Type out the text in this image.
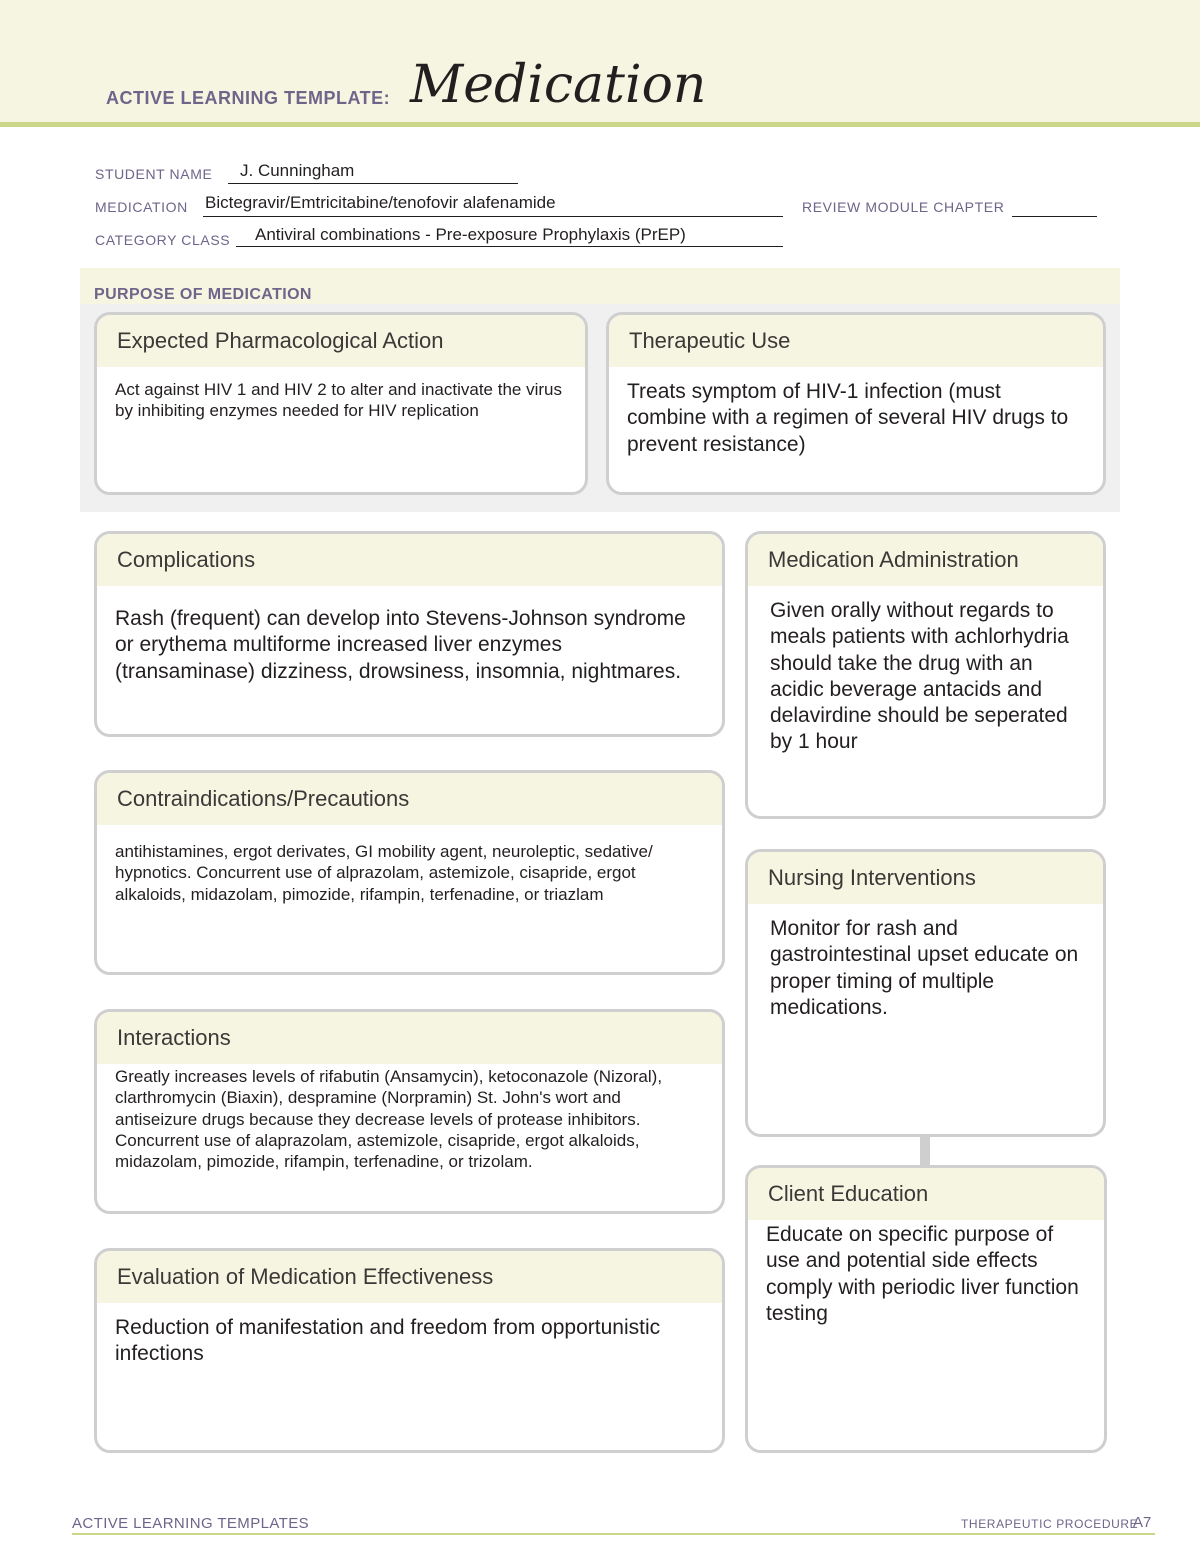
ACTIVE LEARNING TEMPLATE: Medication
STUDENT NAME J. Cunningham
MEDICATION Bictegravir/Emtricitabine/tenofovir alafenamide	REVIEW MODULE CHAPTER
CATEGORY CLASS Antiviral combinations - Pre-exposure Prophylaxis (PrEP)
PURPOSE OF MEDICATION
Expected Pharmacological Action
Act against HIV 1 and HIV 2 to alter and inactivate the virus by inhibiting enzymes needed for HIV replication
Therapeutic Use
Treats symptom of HIV-1 infection (must combine with a regimen of several HIV drugs to prevent resistance)
Complications
Rash (frequent) can develop into Stevens-Johnson syndrome or erythema multiforme increased liver enzymes (transaminase) dizziness, drowsiness, insomnia, nightmares.
Contraindications/Precautions
antihistamines, ergot derivates, GI mobility agent, neuroleptic, sedative/ hypnotics. Concurrent use of alprazolam, astemizole, cisapride, ergot alkaloids, midazolam, pimozide, rifampin, terfenadine, or triazlam
Interactions
Greatly increases levels of rifabutin (Ansamycin), ketoconazole (Nizoral), clarthromycin (Biaxin), despramine (Norpramin) St. John's wort and antiseizure drugs because they decrease levels of protease inhibitors. Concurrent use of alaprazolam, astemizole, cisapride, ergot alkaloids, midazolam, pimozide, rifampin, terfenadine, or trizolam.
Evaluation of Medication Effectiveness
Reduction of manifestation and freedom from opportunistic infections
Medication Administration
Given orally without regards to meals patients with achlorhydria should take the drug with an acidic beverage antacids and delavirdine should be seperated by 1 hour
Nursing Interventions
Monitor for rash and gastrointestinal upset educate on proper timing of multiple medications.
Client Education
Educate on specific purpose of use and potential side effects comply with periodic liver function testing
ACTIVE LEARNING TEMPLATES	THERAPEUTIC PROCEDURE
A7
